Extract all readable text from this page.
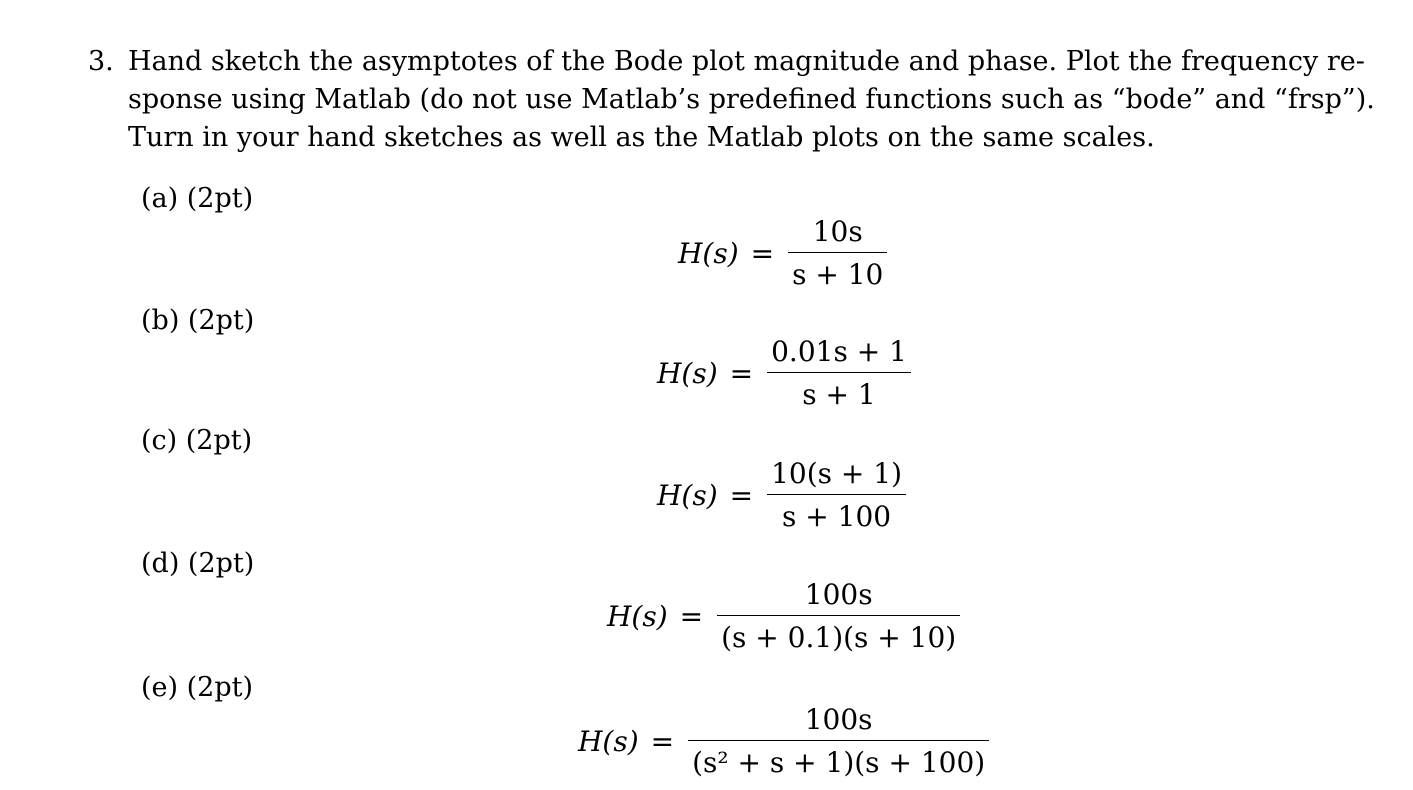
3. Hand sketch the asymptotes of the Bode plot magnitude and phase. Plot the frequency re-
sponse using Matlab (do not use Matlab’s predefined functions such as “bode” and “frsp”).
Turn in your hand sketches as well as the Matlab plots on the same scales.
(a) (2pt)
$H(s) = \frac{10s}{s + 10}$
(b) (2pt)
$H(s) = \frac{0.01s + 1}{s + 1}$
(c) (2pt)
$H(s) = \frac{10(s + 1)}{s + 100}$
(d) (2pt)
$H(s) = \frac{100s}{(s + 0.1)(s + 10)}$
(e) (2pt)
$H(s) = \frac{100s}{\text{(s² + s + 1)(s + 100)}}$
